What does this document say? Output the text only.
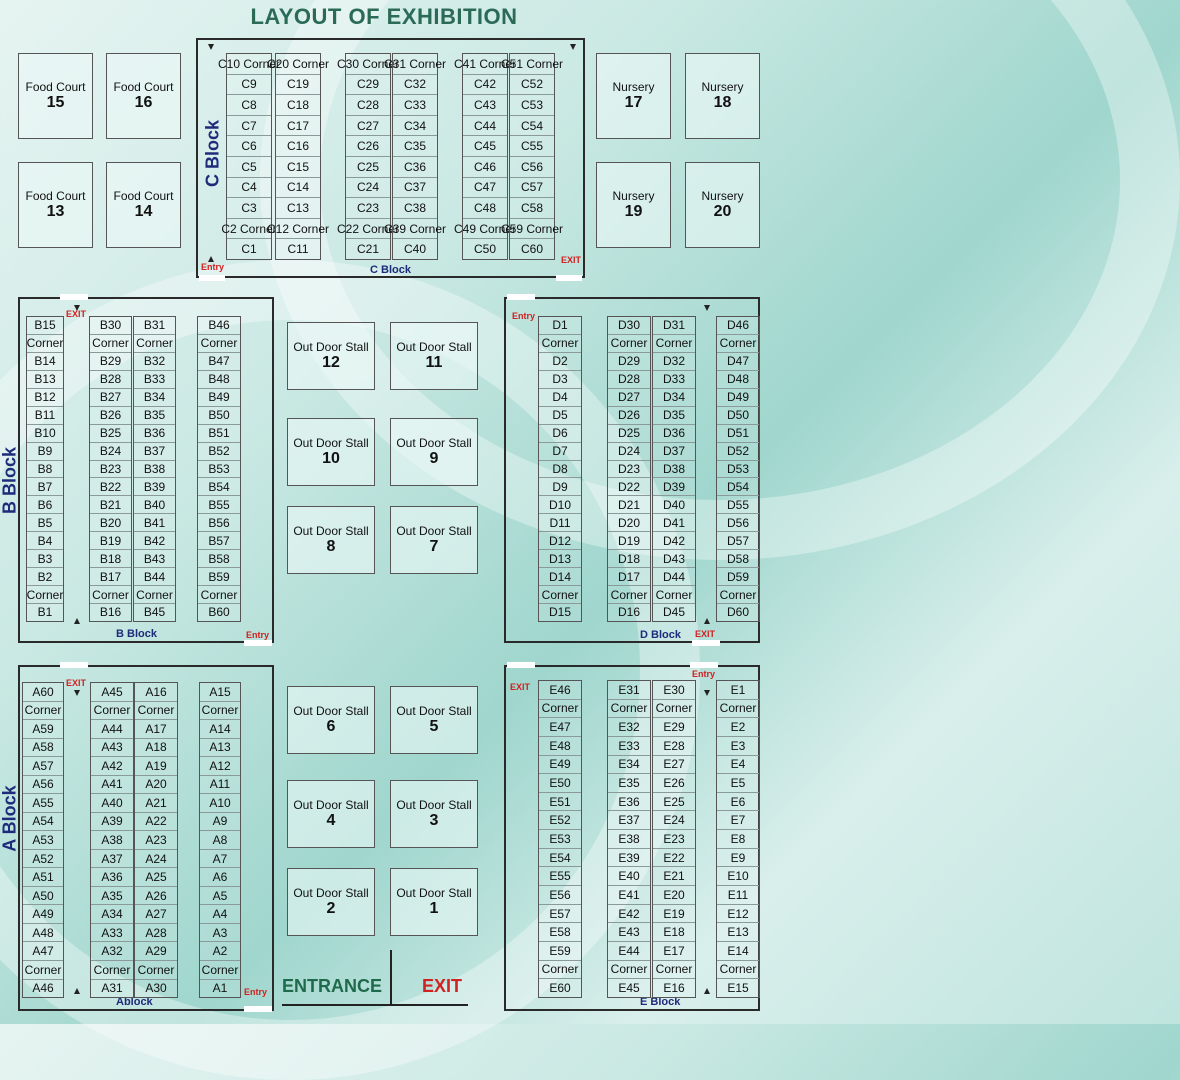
LAYOUT OF EXHIBITION
Food Court
15
Food Court
16
Food Court
13
Food Court
14
Nursery
17
Nursery
18
Nursery
19
Nursery
20
C Block
C Block
Entry
EXIT
C10 Corner
C9
C8
C7
C6
C5
C4
C3
C2 Corner
C1
C20 Corner
C19
C18
C17
C16
C15
C14
C13
C12 Corner
C11
C30 Corner
C29
C28
C27
C26
C25
C24
C23
C22 Corner
C21
C31 Corner
C32
C33
C34
C35
C36
C37
C38
C39 Corner
C40
C41 Corner
C42
C43
C44
C45
C46
C47
C48
C49 Corner
C50
C51 Corner
C52
C53
C54
C55
C56
C57
C58
C59 Corner
C60
B Block
B Block
EXIT
Entry
B15
Corner
B14
B13
B12
B11
B10
B9
B8
B7
B6
B5
B4
B3
B2
Corner
B1
B30
Corner
B29
B28
B27
B26
B25
B24
B23
B22
B21
B20
B19
B18
B17
Corner
B16
B31
Corner
B32
B33
B34
B35
B36
B37
B38
B39
B40
B41
B42
B43
B44
Corner
B45
B46
Corner
B47
B48
B49
B50
B51
B52
B53
B54
B55
B56
B57
B58
B59
Corner
B60
D Block
Entry
EXIT
D1
Corner
D2
D3
D4
D5
D6
D7
D8
D9
D10
D11
D12
D13
D14
Corner
D15
D30
Corner
D29
D28
D27
D26
D25
D24
D23
D22
D21
D20
D19
D18
D17
Corner
D16
D31
Corner
D32
D33
D34
D35
D36
D37
D38
D39
D40
D41
D42
D43
D44
Corner
D45
D46
Corner
D47
D48
D49
D50
D51
D52
D53
D54
D55
D56
D57
D58
D59
Corner
D60
A Block
Ablock
EXIT
Entry
A60
Corner
A59
A58
A57
A56
A55
A54
A53
A52
A51
A50
A49
A48
A47
Corner
A46
A45
Corner
A44
A43
A42
A41
A40
A39
A38
A37
A36
A35
A34
A33
A32
Corner
A31
A16
Corner
A17
A18
A19
A20
A21
A22
A23
A24
A25
A26
A27
A28
A29
Corner
A30
A15
Corner
A14
A13
A12
A11
A10
A9
A8
A7
A6
A5
A4
A3
A2
Corner
A1
E Block
EXIT
Entry
E46
Corner
E47
E48
E49
E50
E51
E52
E53
E54
E55
E56
E57
E58
E59
Corner
E60
E31
Corner
E32
E33
E34
E35
E36
E37
E38
E39
E40
E41
E42
E43
E44
Corner
E45
E30
Corner
E29
E28
E27
E26
E25
E24
E23
E22
E21
E20
E19
E18
E17
Corner
E16
E1
Corner
E2
E3
E4
E5
E6
E7
E8
E9
E10
E11
E12
E13
E14
Corner
E15
Out Door Stall
12
Out Door Stall
11
Out Door Stall
10
Out Door Stall
9
Out Door Stall
8
Out Door Stall
7
Out Door Stall
6
Out Door Stall
5
Out Door Stall
4
Out Door Stall
3
Out Door Stall
2
Out Door Stall
1
ENTRANCE EXIT
